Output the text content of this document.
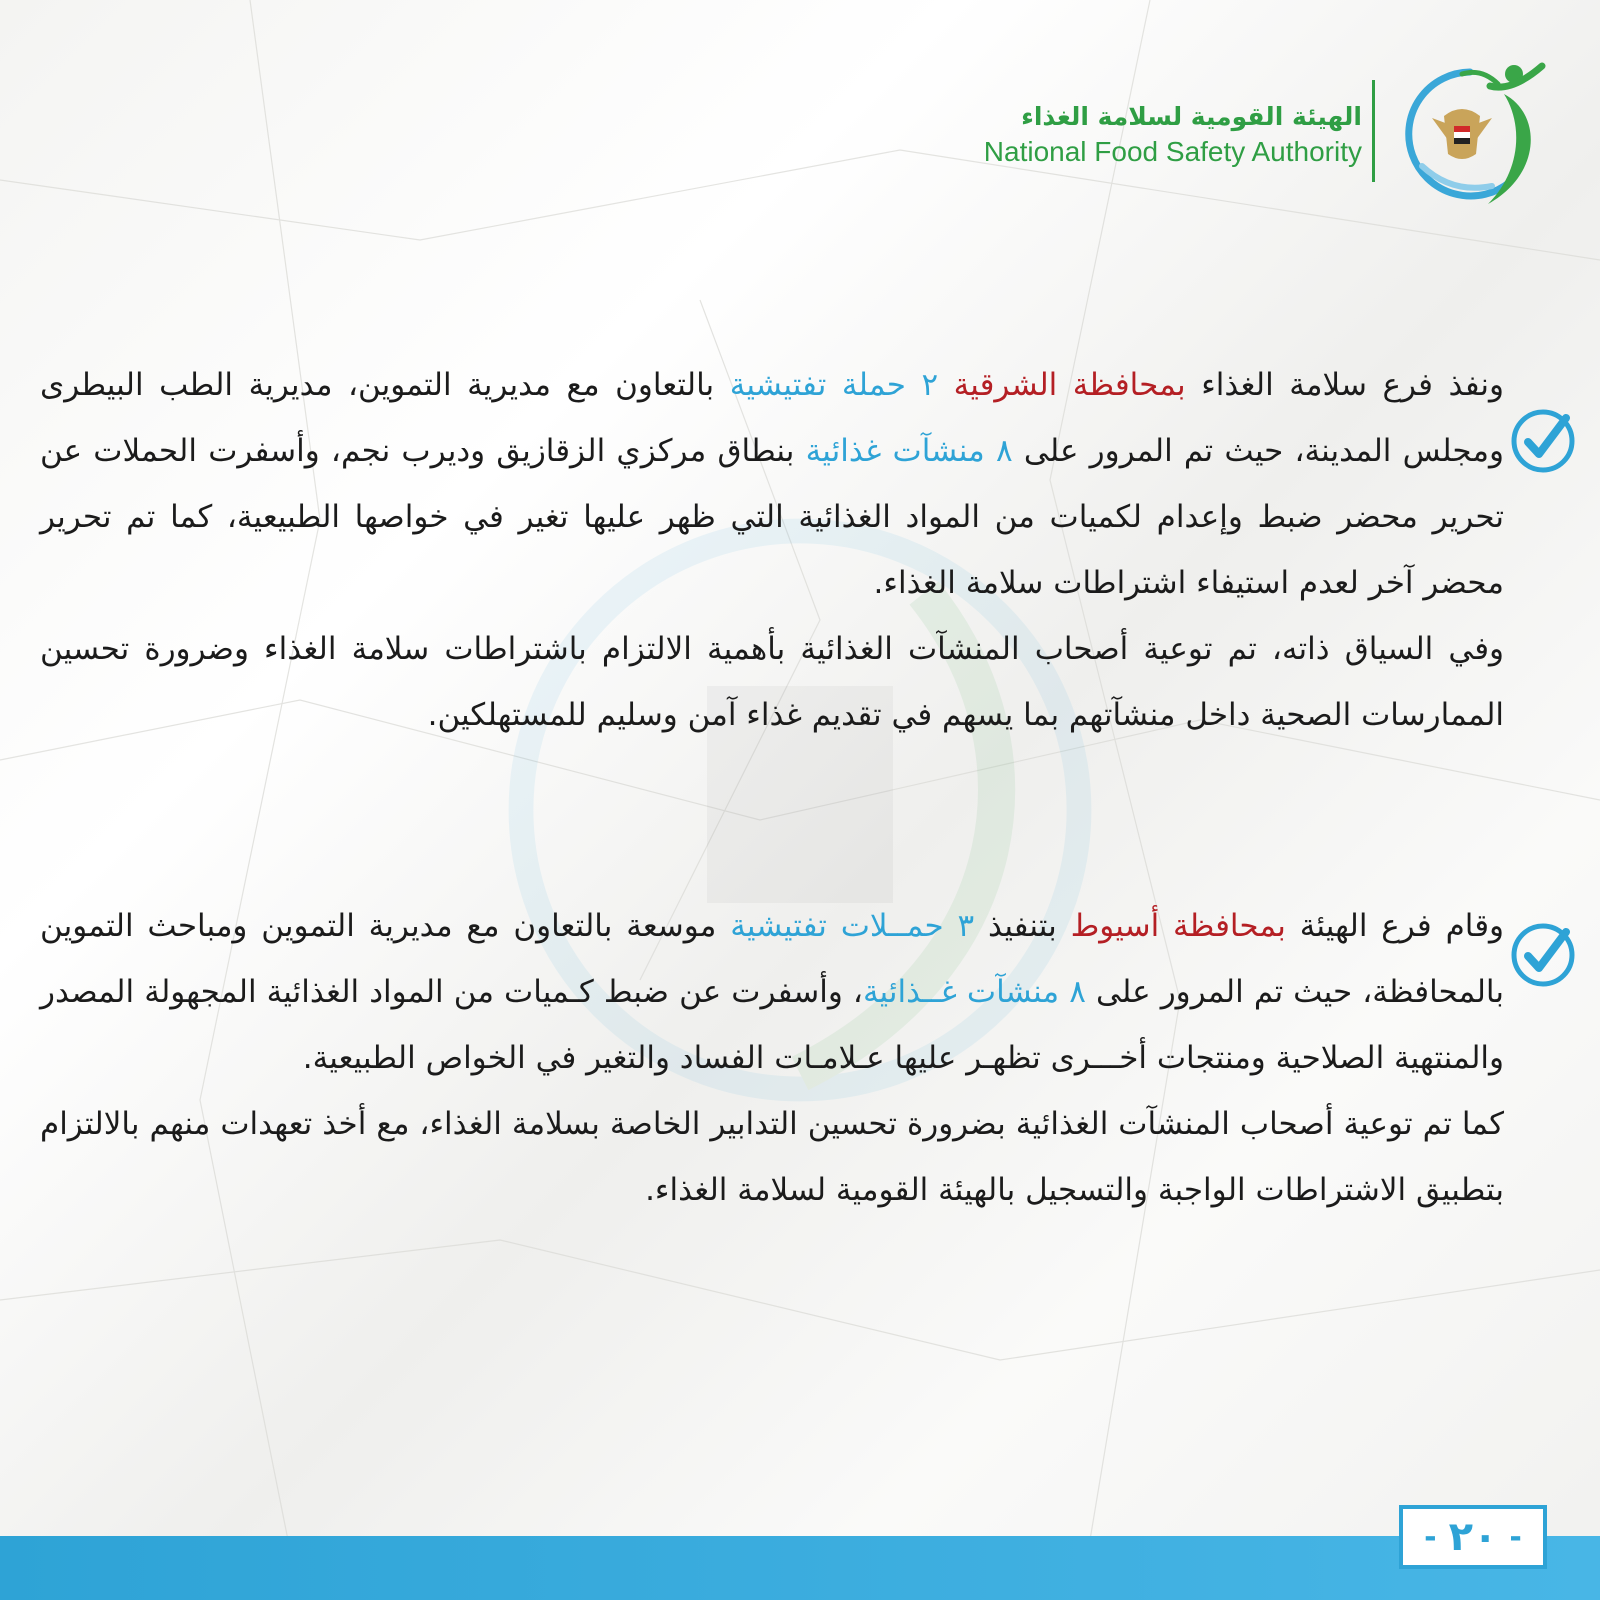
الهيئة القومية لسلامة الغذاء
National Food Safety Authority

ونفذ فرع سلامة الغذاء بمحافظة الشرقية ٢ حملة تفتيشية بالتعاون مع مديرية التموين، مديرية الطب البيطرى ومجلس المدينة، حيث تم المرور على ٨ منشآت غذائية بنطاق مركزي الزقازيق وديرب نجم، وأسفرت الحملات عن تحرير محضر ضبط وإعدام لكميات من المواد الغذائية التي ظهر عليها تغير في خواصها الطبيعية، كما تم تحرير محضر آخر لعدم استيفاء اشتراطات سلامة الغذاء.

وفي السياق ذاته، تم توعية أصحاب المنشآت الغذائية بأهمية الالتزام باشتراطات سلامة الغذاء وضرورة تحسين الممارسات الصحية داخل منشآتهم بما يسهم في تقديم غذاء آمن وسليم للمستهلكين.

وقام فرع الهيئة بمحافظة أسيوط بتنفيذ ٣ حمــلات تفتيشية موسعة بالتعاون مع مديرية التموين ومباحث التموين بالمحافظة، حيث تم المرور على ٨ منشآت غــذائية، وأسفرت عن ضبط كـميات من المواد الغذائية المجهولة المصدر والمنتهية الصلاحية ومنتجات أخـــرى تظهـر عليها عـلامـات الفساد والتغير في الخواص الطبيعية.

كما تم توعية أصحاب المنشآت الغذائية بضرورة تحسين التدابير الخاصة بسلامة الغذاء، مع أخذ تعهدات منهم بالالتزام بتطبيق الاشتراطات الواجبة والتسجيل بالهيئة القومية لسلامة الغذاء.

-
٢٠
-
